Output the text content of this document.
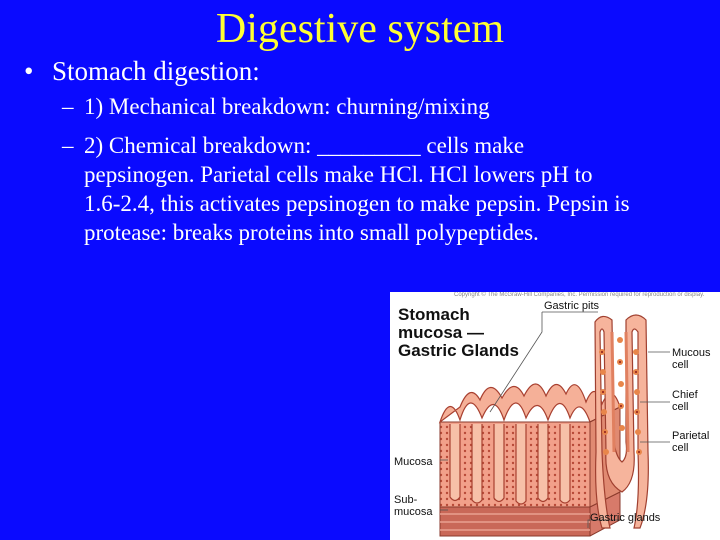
Digestive system
• Stomach digestion:
– 1) Mechanical breakdown: churning/mixing
– 2) Chemical breakdown: _________ cells make pepsinogen. Parietal cells make HCl. HCl lowers pH to 1.6-2.4, this activates pepsinogen to make pepsin. Pepsin is protease: breaks proteins into small polypeptides.
Copyright © The McGraw-Hill Companies, Inc. Permission required for reproduction or display.
Stomach
mucosa —
Gastric Glands
Gastric pits
Mucous
cell
Chief
cell
Parietal
cell
Mucosa
Sub-
mucosa	Gastric glands
